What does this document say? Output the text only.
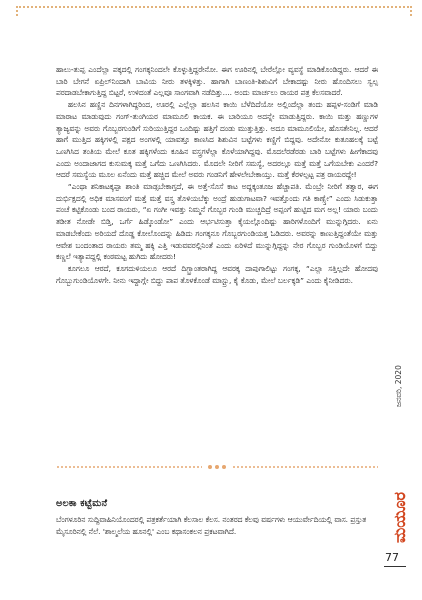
ಹಾಲು-ತುಪ್ಪ ಎಂದೆಲ್ಲಾ ಪಕ್ಕದಲ್ಲಿ ಗಂಗಕ್ಕನಿಂದಲೇ ಕೊಳ್ಳುತ್ತಿದ್ದರೇನೋ. ಈಗ ಊರಿನಲ್ಲಿ ಬೇರೆಲ್ಲೋ ವ್ಯವಸ್ಥೆ ಮಾಡಿಕೊಂಡಿದ್ದರು. ಆದರೆ ಈ ಬಾರಿ ಬೇಗನೆ ಏಪ್ರಿಲ್‌ನಿಂದಾಗಿ ಬಾವಿಯ ನೀರು ತಳಕ್ಕಿಳಿತ್ತು. ಹಾಗಾಗಿ ಬಾಣಂತಿ-ಶಿಶುವಿಗೆ ಬೇಕಾದಷ್ಟು ನೀರು ಹೊಂದಿಸಲು ಸ್ವಲ್ಪ ಪರದಾಡಬೇಕಾಗುತ್ತಿದ್ದ ಬಿಟ್ಟರೆ, ಉಳಿದಂತೆ ಎಲ್ಲವೂ ಸಾಂಗವಾಗಿ ನಡೆದಿತ್ತು.... ಅಂದು ಮಾರ್ಚಲು ರಾಯರ ಪತ್ರ ಕೆಲಸವಾದರೆ.

ಹಲಸಿನ ಹಣ್ಣಿನ ದಿನಗಳಾಗಿದ್ದರಿಂದ, ಊರಲ್ಲಿ ಎಲ್ಲೆಲ್ಲಾ ಹಲಸಿನ ಕಾಯಿ ಬೆಳೆದಿದೆಯೋ ಅಲ್ಲಿಂದೆಲ್ಲಾ ತಂದು ಹಪ್ಪಳ-ಸಂಡಿಗೆ ಮಾಡಿ ಮಾರಾಟ ಮಾಡುವುದು ಗಂಗ್-ತುಂಗಿಯರ ಮಾಮೂಲಿ ಕಾಯಕ. ಈ ಬಾರಿಯೂ ಅದನ್ನೇ ಮಾಡುತ್ತಿದ್ದರು. ಕಾಯಿ ಮತ್ತು ಹಣ್ಣುಗಳ ತ್ಯಾಜ್ಯವನ್ನು ಅವರು ಗೊಬ್ಬರಗುಂಡಿಗೆ ಸುರಿಯುತ್ತಿದ್ದರ ಒಂದಿಷ್ಟು ಹತ್ತಿಗೆ ದಂಡು ಮುತ್ತುತ್ತಿತ್ತು. ಅದೂ ಮಾಮೂಲಿಯೇ, ಹೊಸತೇನಿಲ್ಲ. ಆದರೆ ಹಾಗೆ ಮುತ್ತಿದ ಹಕ್ಕಿಗಳಲ್ಲಿ ಪಕ್ಷದ ಅಂಗಳಲ್ಲಿ ಯಾವತ್ತೂ ಕಾಣಸಿದ ಶಿಶುವಿನ ಬಟ್ಟೆಗಳು ಕಣ್ಣಿಗೆ ಬಿದ್ದವು. ಅದೇನೋ ಕುತೂಹಲಕ್ಕೆ ಬಟ್ಟೆ ಒಣಗಿಸಿದ ತಂತಿಯ ಮೇಲೆ ಕೂತ ಹಕ್ಕಿಗಳೆಂದು ಕೂಹಿನ ವಸ್ತ್ರಗಳೆಲ್ಲಾ ಕೊಳೆಯಾಗಿದ್ದವು. ಮೊದಲೆರಡೆರಡು ಬಾರಿ ಬಟ್ಟೆಗಳು ಹೀಗೆಕಾದವು ಎಂದು ಅಂದಾಜಾಗದ ಕುಸುಮಕ್ಕ ಮತ್ತೆ ಒಗೆದು ಒಣಗಿಸಿದರು. ಮೊದಲೇ ನೀರಿಗೆ ಸಮಸ್ಯೆ, ಅದರಲ್ಲೂ ಮತ್ತೆ ಮತ್ತೆ ಒಗೆಯಬೇಕು ಎಂದರೆ? ಆದರೆ ಸಮಸ್ಯೆಯ ಮೂಲ ಏನೆಂದು ಮತ್ತೆ ಹಚ್ಚಿದ ಮೇಲೆ ಅವರು ಗಂಡನಿಗೆ ಹೇಳಲೇಬೇಕಾಯ್ತು. ಮತ್ತೆ ಕೆರಳಲ್ಪಟ್ಟ ಪತ್ರ ರಾಯರದ್ದೇ!

“ಎಂಥಾ ಶನಿಕಾಟಕ್ಕಪ್ಪಾ ಶಾಂತಿ ಮಾಡ್ಸಬೇಕಾಗ್ತದೆ, ಈ ಅತ್ತೆ-ಸೊಸೆ ಕಾಟ ಅದ್ದಕ್ಕಂತೂಜ ಹೆಚ್ಚಾಪತಿ. ಮೆಂಬ್ರೇ ನೀರಿಗೆ ತತ್ವಾರ, ಈಗ ದುರ್ಭಿಕ್ಷದಲ್ಲಿ ಅಧಿಕ ಮಾಸವಂಗೆ ಮತ್ತೆ ಮತ್ತೆ ವಸ್ತ್ರ ತೊಳಿಯಬೆಕ್ಕು ಅಂದ್ರೆ ಹುಡುಗಾಟವಾ? ಇವತ್ತೊಂದು ಗತಿ ಕಾಣ್ಸ್ತೇ” ಎಂದು ಸಿಡುಕುತ್ತಾ ಪಂಚೆ ಕಟ್ಟಿಕೊಂಡು ಬಂದ ರಾಯರು, “ಏ ಗಂಗೀ ಇವತ್ತು ನಿಮ್ಮನೆ ಗೊಬ್ಬರ ಗುಂಡಿ ಮುಚ್ಚದಿದ್ರೆ ಅಪ್ಪಂಗೆ ಹುಟ್ಟಿದ ಮಗ ಅಲ್ಲ! ಯಾರು ಬಂದು ತಡೀತ ನೋಡೇ ಬಿಡ್ತಿ, ಒರ್ಗೆ ಹಿಡ್ಕೊಂಡೋ” ಎಂದು ಆರ್ಭಟಿಸುತ್ತಾ ಕೈಯಲ್ಲೊಂದಿಷ್ಟು ಹಾರಿಗಳೊಂದಿಗೆ ಮುನ್ನುಗ್ಗಿದರು. ಏನು ಮಾಡಬೇಕೆಂದು ಅರಿಯದೆ ದೊಡ್ಡ ಕೋಲೊಂದನ್ನು ಹಿಡಿದು ಗಂಗಕ್ಕನೂ ಗೊಬ್ಬರಗುಂಡಿಯತ್ತ ಓಡಿದರು. ಅವರನ್ನು ಕಾಣುತ್ತಿದ್ದಂತೆಯೇ ಮತ್ತು ಆವೇಶ ಬಂದಂತಾದ ರಾಯರು ತಮ್ಮ ಹಕ್ಕಿ ಎತ್ತಿ ಇಡುವವರಲ್ಲಿನಿಂತೆ ಎಂದು ಏರಿಳಿದೆ ಮುನ್ನುಗ್ಗಿದ್ದನ್ನು ನೇರ ಗೊಬ್ಬರ ಗುಂಡಿಯೊಳಗೆ ಬಿದ್ದು ಕಣ್ಣಲೆ ಇತ್ಯಾಪದ್ದಲ್ಲಿ ಕಂಠಮಟ್ಟ ಹುಗಿದು ಹೋದರು!

ಕೂಗಲೂ ಆರದೆ, ಕೂಗದುಳಿಯಲೂ ಆರದೆ ದಿಗ್ಭ್ರಾಂತರಾಗಿದ್ದ ಆವರಕ್ಕ ದಾಪುಗಾಲಿಟ್ಟು ಗಂಗಕ್ಕ, “ಎಲ್ಲಾ ಸತ್ತಿಲ್ಲದೇ ಹೋದವು ಗೊಬ್ಬುಗುಂಡಿಯೊಳಗೇ. ನೀನು ಇದ್ದಾಗ್ಲೇ ಬಿದ್ದು ಪಾಪ ತೊಳಕೊಂಡೆ ಮಾಸ್ಟ್ರು, ಕೈ ಕೊಡು, ಮೇಲೆ ಬರ್ಲಕ್ಕಡಿ” ಎಂದು ಕೈನೀಡಿದರು.

ಅಲಕಾ ಕಟ್ಟೆಮನೆ
ಬೆಂಗಳೂರಿನ ಸುದ್ದಿವಾಹಿನಿಯೊಂದರಲ್ಲಿ ಪತ್ರಕರ್ತೆಯಾಗಿ ಕೆಲಸಾಲ ಕೆಲಸ. ನಂತರದ ಕೆಲವು ವರ್ಷಗಳು ಆಯುರ್ವೇದಿಯಲ್ಲಿ ವಾಸ. ಪ್ರಸ್ತುತ ಮೈಸೂರಿನಲ್ಲಿ ನೆಲೆ. 'ಶಾಲ್ಮಲೆಯ ಹೂನಲ್ಲಿ' ಎಂಬ ಕಥಾಸಂಕಲನ ಪ್ರಕಟವಾಗಿದೆ.
ಜನವರಿ, 2020
ಮಯೂರ
77
